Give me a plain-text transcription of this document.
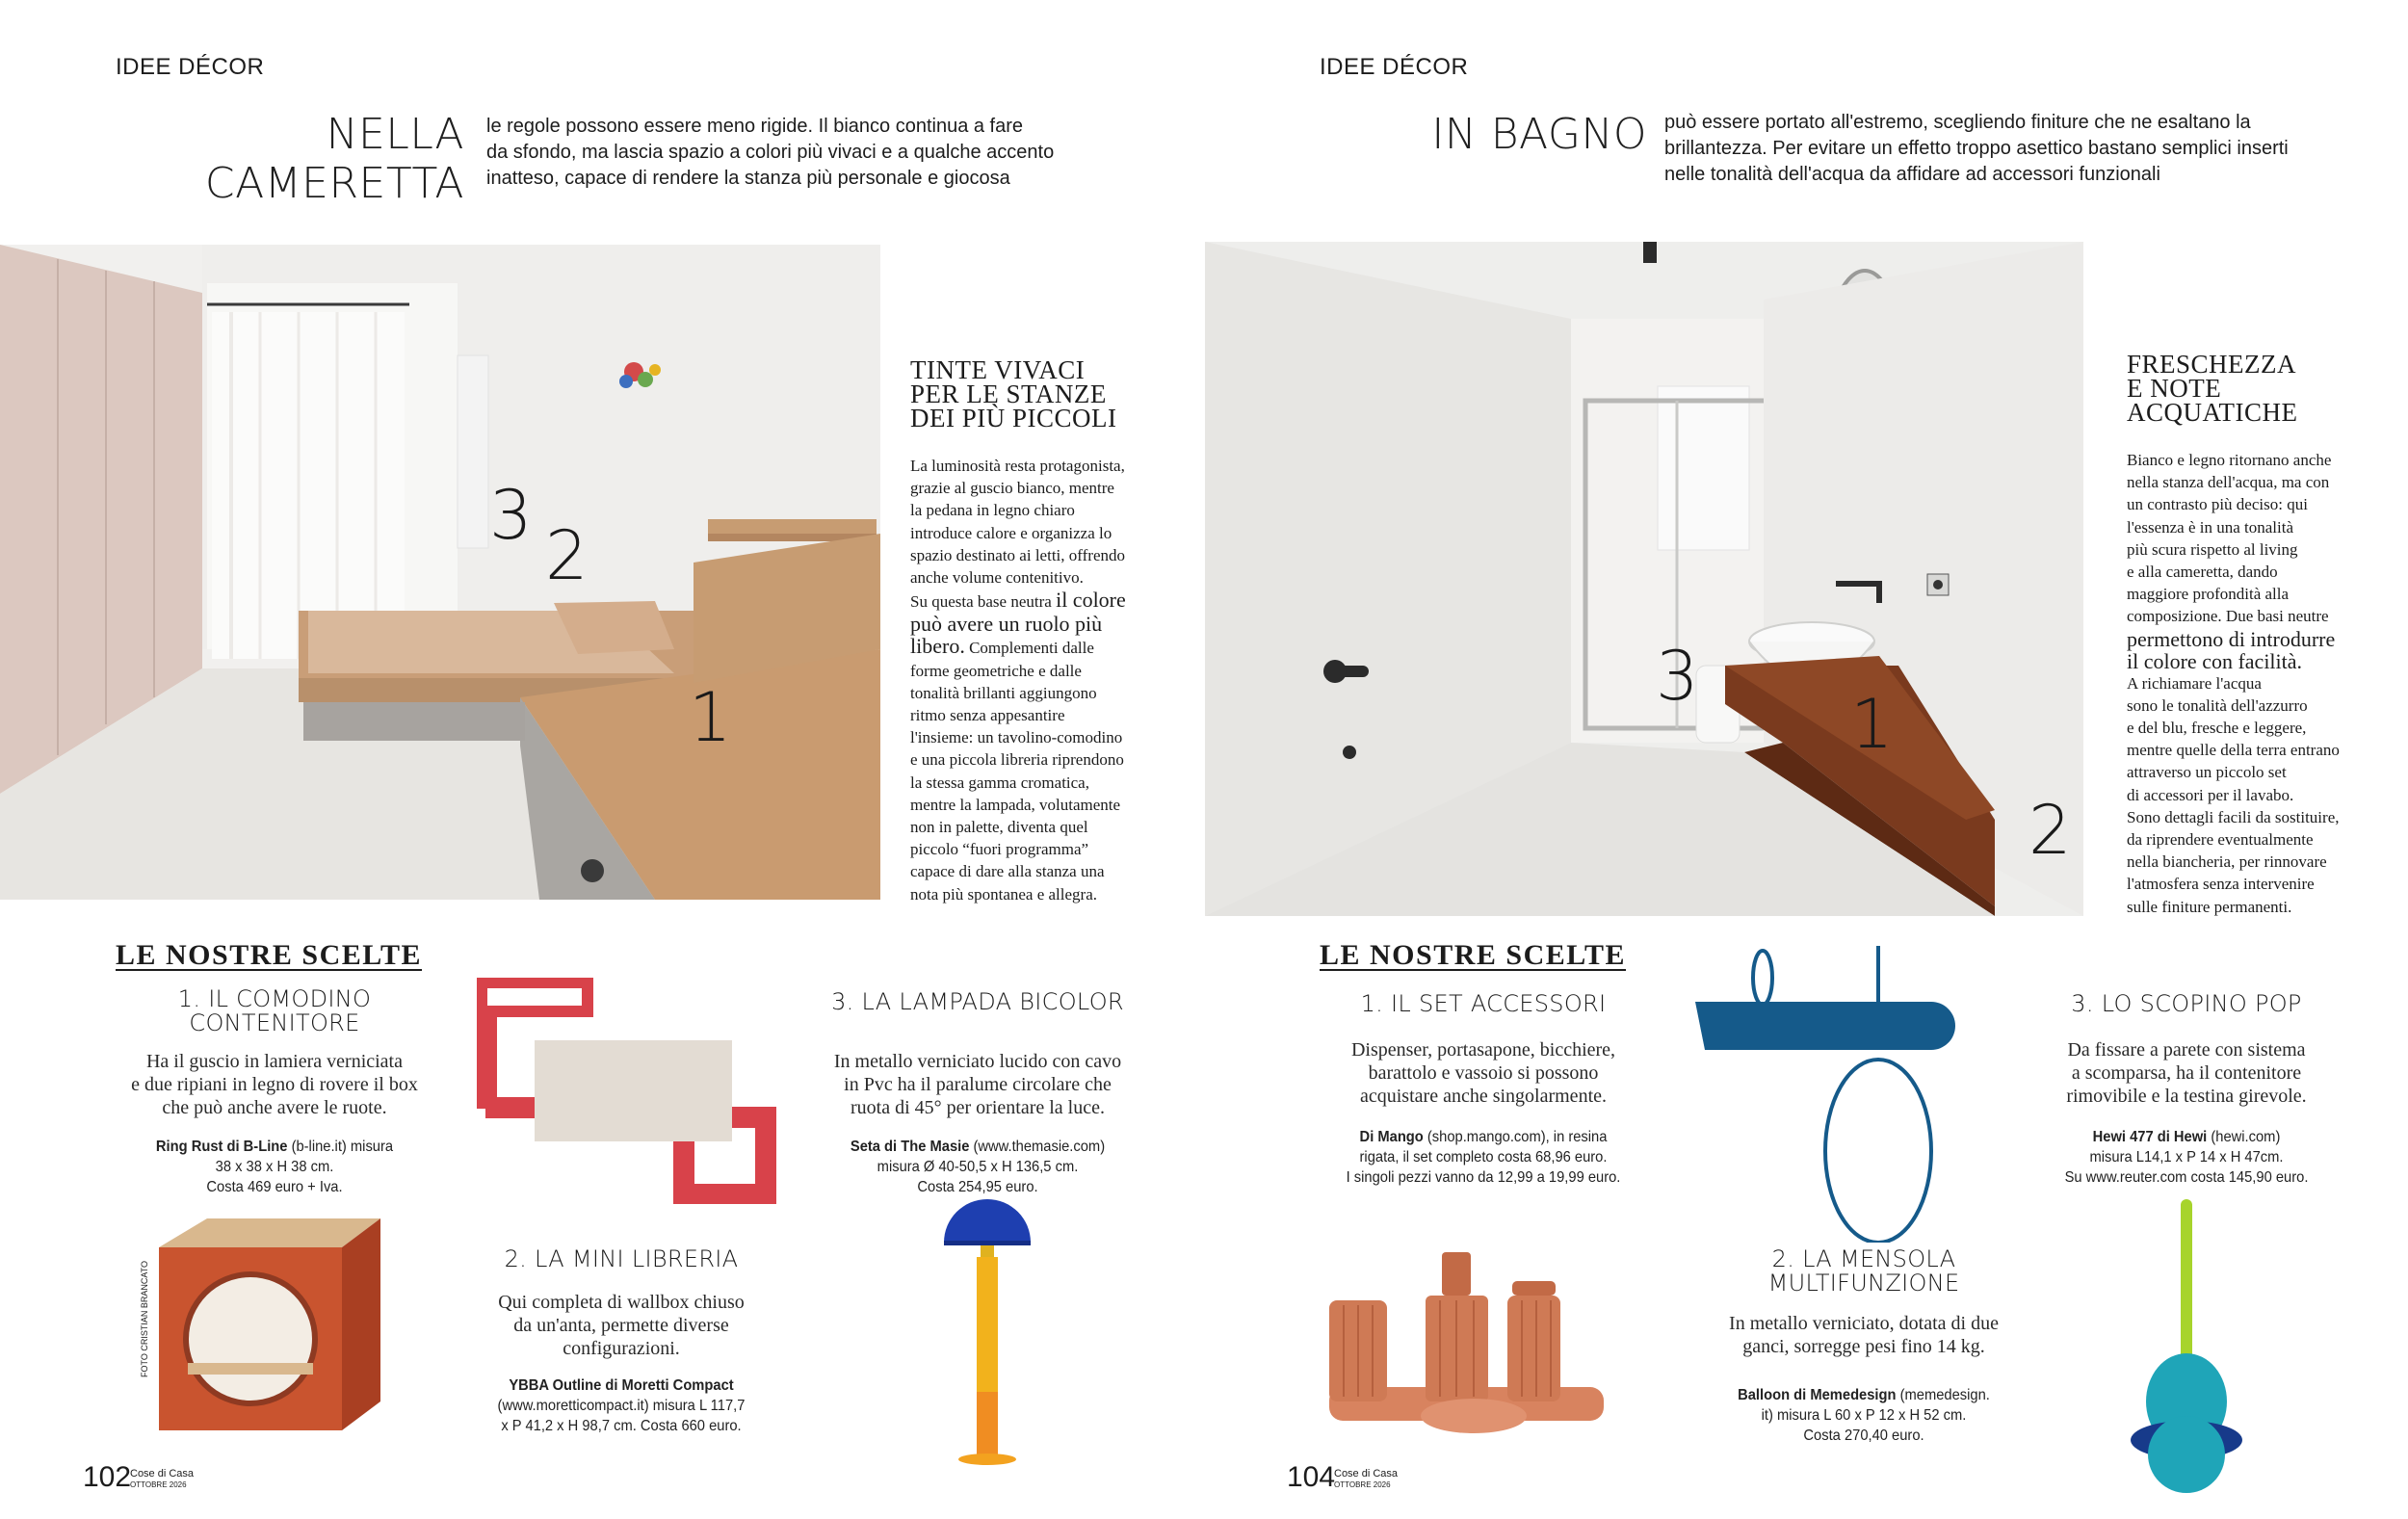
IDEE DÉCOR
NELLA CAMERETTA
le regole possono essere meno rigide. Il bianco continua a fare
da sfondo, ma lascia spazio a colori più vivaci e a qualche accento
inatteso, capace di rendere la stanza più personale e giocosa
3
2
1
TINTE VIVACI
PER LE STANZE
DEI PIÙ PICCOLI
La luminosità resta protagonista,
grazie al guscio bianco, mentre
la pedana in legno chiaro
introduce calore e organizza lo
spazio destinato ai letti, offrendo
anche volume contenitivo.
Su questa base neutra il colore
può avere un ruolo più
libero. Complementi dalle
forme geometriche e dalle
tonalità brillanti aggiungono
ritmo senza appesantire
l'insieme: un tavolino-comodino
e una piccola libreria riprendono
la stessa gamma cromatica,
mentre la lampada, volutamente
non in palette, diventa quel
piccolo “fuori programma”
capace di dare alla stanza una
nota più spontanea e allegra.
LE NOSTRE SCELTE
1. IL COMODINO
CONTENITORE
Ha il guscio in lamiera verniciata
e due ripiani in legno di rovere il box
che può anche avere le ruote.
Ring Rust di B-Line (b-line.it) misura
38 x 38 x H 38 cm.
Costa 469 euro + Iva.
FOTO CRISTIAN BRANCATO
2. LA MINI LIBRERIA
Qui completa di wallbox chiuso
da un'anta, permette diverse
configurazioni.
YBBA Outline di Moretti Compact
(www.moretticompact.it) misura L 117,7
x P 41,2 x H 98,7 cm. Costa 660 euro.
3. LA LAMPADA BICOLOR
In metallo verniciato lucido con cavo
in Pvc ha il paralume circolare che
ruota di 45° per orientare la luce.
Seta di The Masie (www.themasie.com)
misura Ø 40-50,5 x H 136,5 cm.
Costa 254,95 euro.
102
Cose di Casa
OTTOBRE 2026
IDEE DÉCOR
IN BAGNO può essere portato all'estremo, scegliendo finiture che ne esaltano la
brillantezza. Per evitare un effetto troppo asettico bastano semplici inserti
nelle tonalità dell'acqua da affidare ad accessori funzionali
3
1
2
FRESCHEZZA
E NOTE
ACQUATICHE
Bianco e legno ritornano anche
nella stanza dell'acqua, ma con
un contrasto più deciso: qui
l'essenza è in una tonalità
più scura rispetto al living
e alla cameretta, dando
maggiore profondità alla
composizione. Due basi neutre
permettono di introdurre
il colore con facilità.
A richiamare l'acqua
sono le tonalità dell'azzurro
e del blu, fresche e leggere,
mentre quelle della terra entrano
attraverso un piccolo set
di accessori per il lavabo.
Sono dettagli facili da sostituire,
da riprendere eventualmente
nella biancheria, per rinnovare
l'atmosfera senza intervenire
sulle finiture permanenti.
LE NOSTRE SCELTE
1. IL SET ACCESSORI
Dispenser, portasapone, bicchiere,
barattolo e vassoio si possono
acquistare anche singolarmente.
Di Mango (shop.mango.com), in resina
rigata, il set completo costa 68,96 euro.
I singoli pezzi vanno da 12,99 a 19,99 euro.
2. LA MENSOLA
MULTIFUNZIONE
In metallo verniciato, dotata di due
ganci, sorregge pesi fino 14 kg.
Balloon di Memedesign (memedesign.
it) misura L 60 x P 12 x H 52 cm.
Costa 270,40 euro.
3. LO SCOPINO POP
Da fissare a parete con sistema
a scomparsa, ha il contenitore
rimovibile e la testina girevole.
Hewi 477 di Hewi (hewi.com)
misura L14,1 x P 14 x H 47cm.
Su www.reuter.com costa 145,90 euro.
104
Cose di Casa
OTTOBRE 2026
